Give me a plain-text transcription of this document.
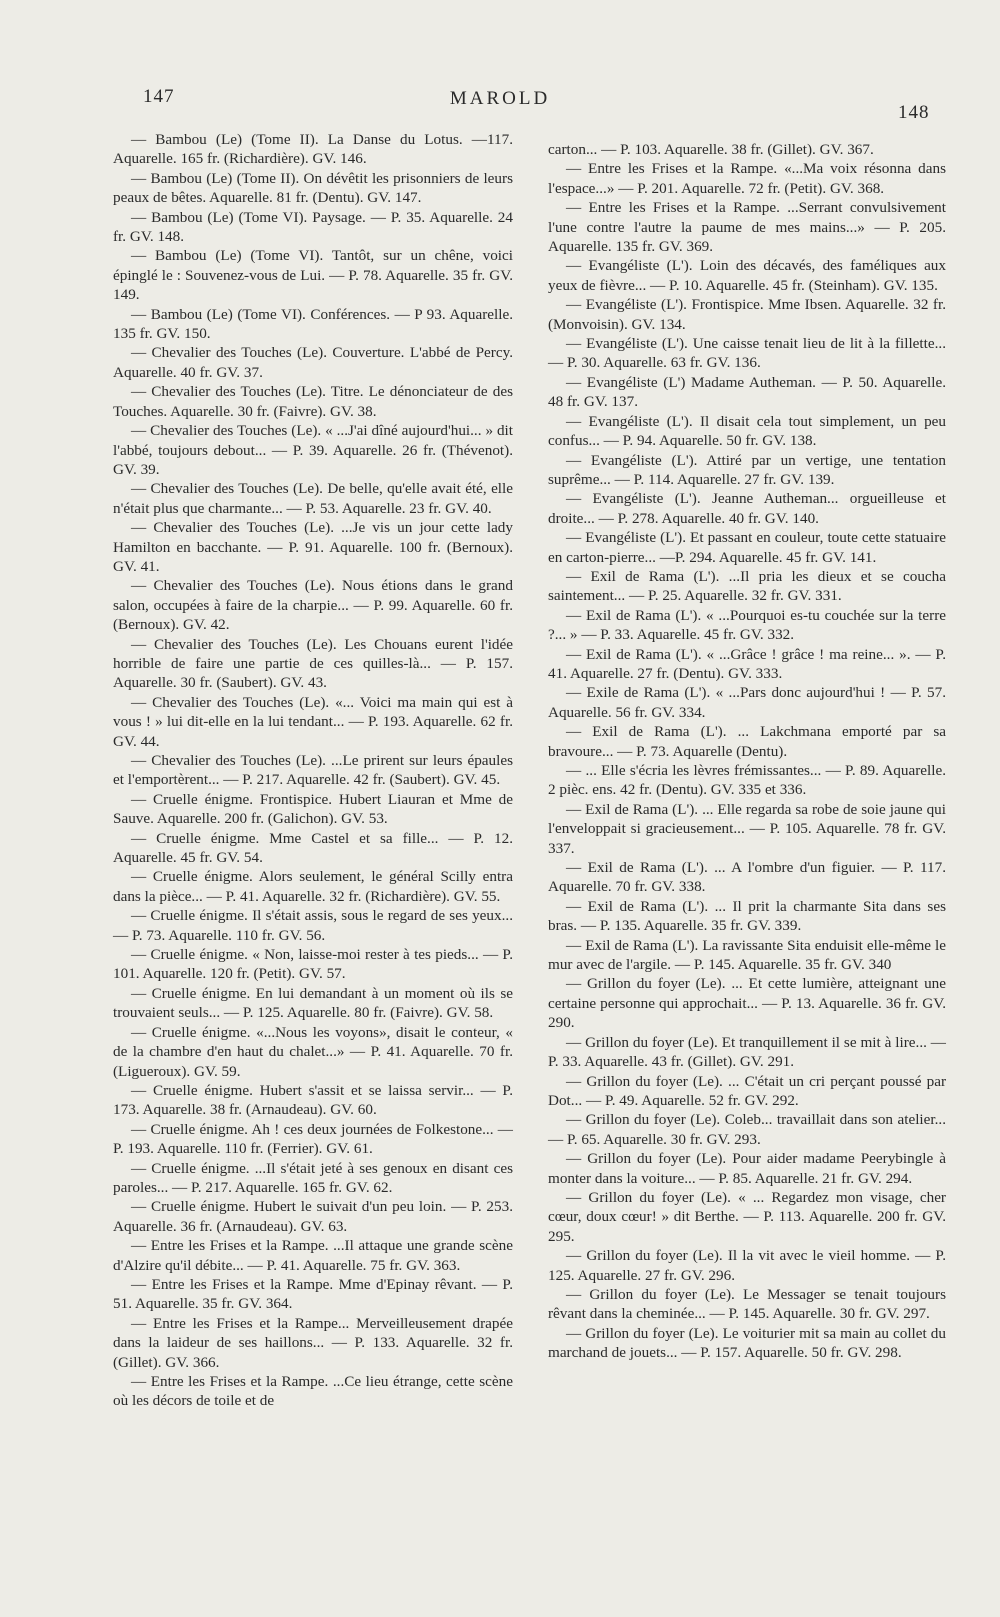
147	MAROLD
148

— Bambou (Le) (Tome II). La Danse du Lotus. —117. Aquarelle. 165 fr. (Richardière). GV. 146.

— Bambou (Le) (Tome II). On dévêtit les prisonniers de leurs peaux de bêtes. Aquarelle. 81 fr. (Dentu). GV. 147.

— Bambou (Le) (Tome VI). Paysage. — P. 35. Aquarelle. 24 fr. GV. 148.

— Bambou (Le) (Tome VI). Tantôt, sur un chêne, voici épinglé le : Souvenez-vous de Lui. — P. 78. Aquarelle. 35 fr. GV. 149.

— Bambou (Le) (Tome VI). Conférences. — P 93. Aquarelle. 135 fr. GV. 150.

— Chevalier des Touches (Le). Couverture. L'abbé de Percy. Aquarelle. 40 fr. GV. 37.

— Chevalier des Touches (Le). Titre. Le dénonciateur de des Touches. Aquarelle. 30 fr. (Faivre). GV. 38.

— Chevalier des Touches (Le). « ...J'ai dîné aujourd'hui... » dit l'abbé, toujours debout... — P. 39. Aquarelle. 26 fr. (Thévenot). GV. 39.

— Chevalier des Touches (Le). De belle, qu'elle avait été, elle n'était plus que charmante... — P. 53. Aquarelle. 23 fr. GV. 40.

— Chevalier des Touches (Le). ...Je vis un jour cette lady Hamilton en bacchante. — P. 91. Aquarelle. 100 fr. (Bernoux). GV. 41.

— Chevalier des Touches (Le). Nous étions dans le grand salon, occupées à faire de la charpie... — P. 99. Aquarelle. 60 fr. (Bernoux). GV. 42.

— Chevalier des Touches (Le). Les Chouans eurent l'idée horrible de faire une partie de ces quilles-là... — P. 157. Aquarelle. 30 fr. (Saubert). GV. 43.

— Chevalier des Touches (Le). «... Voici ma main qui est à vous ! » lui dit-elle en la lui tendant... — P. 193. Aquarelle. 62 fr. GV. 44.

— Chevalier des Touches (Le). ...Le prirent sur leurs épaules et l'emportèrent... — P. 217. Aquarelle. 42 fr. (Saubert). GV. 45.

— Cruelle énigme. Frontispice. Hubert Liauran et Mme de Sauve. Aquarelle. 200 fr. (Galichon). GV. 53.

— Cruelle énigme. Mme Castel et sa fille... — P. 12. Aquarelle. 45 fr. GV. 54.

— Cruelle énigme. Alors seulement, le général Scilly entra dans la pièce... — P. 41. Aquarelle. 32 fr. (Richardière). GV. 55.

— Cruelle énigme. Il s'était assis, sous le regard de ses yeux... — P. 73. Aquarelle. 110 fr. GV. 56.

— Cruelle énigme. « Non, laisse-moi rester à tes pieds... — P. 101. Aquarelle. 120 fr. (Petit). GV. 57.

— Cruelle énigme. En lui demandant à un moment où ils se trouvaient seuls... — P. 125. Aquarelle. 80 fr. (Faivre). GV. 58.

— Cruelle énigme. «...Nous les voyons», disait le conteur, « de la chambre d'en haut du chalet...» — P. 41. Aquarelle. 70 fr. (Ligueroux). GV. 59.

— Cruelle énigme. Hubert s'assit et se laissa servir... — P. 173. Aquarelle. 38 fr. (Arnaudeau). GV. 60.

— Cruelle énigme. Ah ! ces deux journées de Folkestone... — P. 193. Aquarelle. 110 fr. (Ferrier). GV. 61.

— Cruelle énigme. ...Il s'était jeté à ses genoux en disant ces paroles... — P. 217. Aquarelle. 165 fr. GV. 62.

— Cruelle énigme. Hubert le suivait d'un peu loin. — P. 253. Aquarelle. 36 fr. (Arnaudeau). GV. 63.

— Entre les Frises et la Rampe. ...Il attaque une grande scène d'Alzire qu'il débite... — P. 41. Aquarelle. 75 fr. GV. 363.

— Entre les Frises et la Rampe. Mme d'Epinay rêvant. — P. 51. Aquarelle. 35 fr. GV. 364.

— Entre les Frises et la Rampe... Merveilleusement drapée dans la laideur de ses haillons... — P. 133. Aquarelle. 32 fr. (Gillet). GV. 366.

— Entre les Frises et la Rampe. ...Ce lieu étrange, cette scène où les décors de toile et de

carton... — P. 103. Aquarelle. 38 fr. (Gillet). GV. 367.

— Entre les Frises et la Rampe. «...Ma voix résonna dans l'espace...» — P. 201. Aquarelle. 72 fr. (Petit). GV. 368.

— Entre les Frises et la Rampe. ...Serrant convulsivement l'une contre l'autre la paume de mes mains...» — P. 205. Aquarelle. 135 fr. GV. 369.

— Evangéliste (L'). Loin des décavés, des faméliques aux yeux de fièvre... — P. 10. Aquarelle. 45 fr. (Steinham). GV. 135.

— Evangéliste (L'). Frontispice. Mme Ibsen. Aquarelle. 32 fr. (Monvoisin). GV. 134.

— Evangéliste (L'). Une caisse tenait lieu de lit à la fillette... — P. 30. Aquarelle. 63 fr. GV. 136.

— Evangéliste (L') Madame Autheman. — P. 50. Aquarelle. 48 fr. GV. 137.

— Evangéliste (L'). Il disait cela tout simplement, un peu confus... — P. 94. Aquarelle. 50 fr. GV. 138.

— Evangéliste (L'). Attiré par un vertige, une tentation suprême... — P. 114. Aquarelle. 27 fr. GV. 139.

— Evangéliste (L'). Jeanne Autheman... orgueilleuse et droite... — P. 278. Aquarelle. 40 fr. GV. 140.

— Evangéliste (L'). Et passant en couleur, toute cette statuaire en carton-pierre... —P. 294. Aquarelle. 45 fr. GV. 141.

— Exil de Rama (L'). ...Il pria les dieux et se coucha saintement... — P. 25. Aquarelle. 32 fr. GV. 331.

— Exil de Rama (L'). « ...Pourquoi es-tu couchée sur la terre ?... » — P. 33. Aquarelle. 45 fr. GV. 332.

— Exil de Rama (L'). « ...Grâce ! grâce ! ma reine... ». — P. 41. Aquarelle. 27 fr. (Dentu). GV. 333.

— Exile de Rama (L'). « ...Pars donc aujourd'hui ! — P. 57. Aquarelle. 56 fr. GV. 334.

— Exil de Rama (L'). ... Lakchmana emporté par sa bravoure... — P. 73. Aquarelle (Dentu).

— ... Elle s'écria les lèvres frémissantes... — P. 89. Aquarelle. 2 pièc. ens. 42 fr. (Dentu). GV. 335 et 336.

— Exil de Rama (L'). ... Elle regarda sa robe de soie jaune qui l'enveloppait si gracieusement... — P. 105. Aquarelle. 78 fr. GV. 337.

— Exil de Rama (L'). ... A l'ombre d'un figuier. — P. 117. Aquarelle. 70 fr. GV. 338.

— Exil de Rama (L'). ... Il prit la charmante Sita dans ses bras. — P. 135. Aquarelle. 35 fr. GV. 339.

— Exil de Rama (L'). La ravissante Sita enduisit elle-même le mur avec de l'argile. — P. 145. Aquarelle. 35 fr. GV. 340

— Grillon du foyer (Le). ... Et cette lumière, atteignant une certaine personne qui approchait... — P. 13. Aquarelle. 36 fr. GV. 290.

— Grillon du foyer (Le). Et tranquillement il se mit à lire... — P. 33. Aquarelle. 43 fr. (Gillet). GV. 291.

— Grillon du foyer (Le). ... C'était un cri perçant poussé par Dot... — P. 49. Aquarelle. 52 fr. GV. 292.

— Grillon du foyer (Le). Coleb... travaillait dans son atelier... — P. 65. Aquarelle. 30 fr. GV. 293.

— Grillon du foyer (Le). Pour aider madame Peerybingle à monter dans la voiture... — P. 85. Aquarelle. 21 fr. GV. 294.

— Grillon du foyer (Le). « ... Regardez mon visage, cher cœur, doux cœur! » dit Berthe. — P. 113. Aquarelle. 200 fr. GV. 295.

— Grillon du foyer (Le). Il la vit avec le vieil homme. — P. 125. Aquarelle. 27 fr. GV. 296.

— Grillon du foyer (Le). Le Messager se tenait toujours rêvant dans la cheminée... — P. 145. Aquarelle. 30 fr. GV. 297.

— Grillon du foyer (Le). Le voiturier mit sa main au collet du marchand de jouets... — P. 157. Aquarelle. 50 fr. GV. 298.
